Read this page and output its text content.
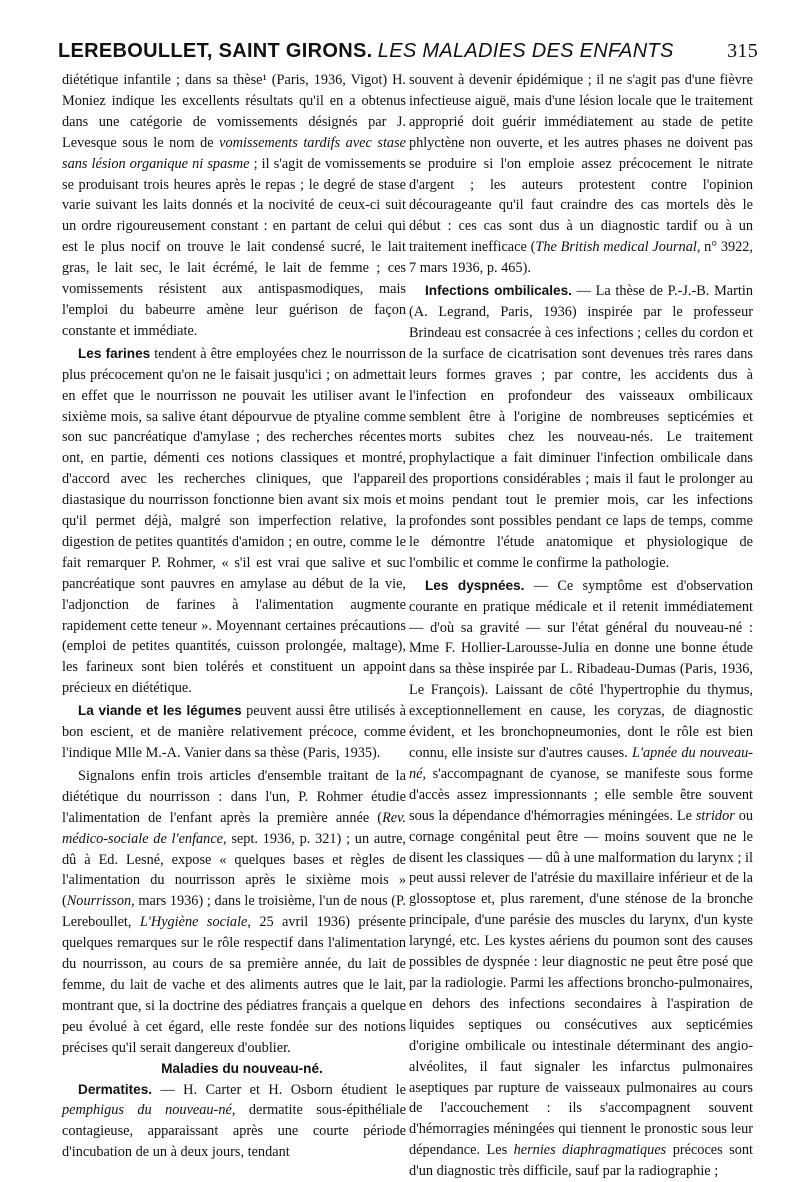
LEREBOULLET, SAINT GIRONS. LES MALADIES DES ENFANTS	315

diététique infantile ; dans sa thèse¹ (Paris, 1936, Vigot) H. Moniez indique les excellents résultats qu'il en a obtenus dans une catégorie de vomissements désignés par J. Levesque sous le nom de vomissements tardifs avec stase sans lésion organique ni spasme ; il s'agit de vomissements se produisant trois heures après le repas ; le degré de stase varie suivant les laits donnés et la nocivité de ceux-ci suit un ordre rigoureusement constant : en partant de celui qui est le plus nocif on trouve le lait condensé sucré, le lait gras, le lait sec, le lait écrémé, le lait de femme ; ces vomissements résistent aux antispasmodiques, mais l'emploi du babeurre amène leur guérison de façon constante et immédiate.

Les farines tendent à être employées chez le nourrisson plus précocement qu'on ne le faisait jusqu'ici ; on admettait en effet que le nourrisson ne pouvait les utiliser avant le sixième mois, sa salive étant dépourvue de ptyaline comme son suc pancréatique d'amylase ; des recherches récentes ont, en partie, démenti ces notions classiques et montré, d'accord avec les recherches cliniques, que l'appareil diastasique du nourrisson fonctionne bien avant six mois et qu'il permet déjà, malgré son imperfection relative, la digestion de petites quantités d'amidon ; en outre, comme le fait remarquer P. Rohmer, « s'il est vrai que salive et suc pancréatique sont pauvres en amylase au début de la vie, l'adjonction de farines à l'alimentation augmente rapidement cette teneur ». Moyennant certaines précautions (emploi de petites quantités, cuisson prolongée, maltage), les farineux sont bien tolérés et constituent un appoint précieux en diététique.

La viande et les légumes peuvent aussi être utilisés à bon escient, et de manière relativement précoce, comme l'indique Mlle M.-A. Vanier dans sa thèse (Paris, 1935).

Signalons enfin trois articles d'ensemble traitant de la diététique du nourrisson : dans l'un, P. Rohmer étudie l'alimentation de l'enfant après la première année (Rev. médico-sociale de l'enfance, sept. 1936, p. 321) ; un autre, dû à Ed. Lesné, expose « quelques bases et règles de l'alimentation du nourrisson après le sixième mois » (Nourrisson, mars 1936) ; dans le troisième, l'un de nous (P. Lereboullet, L'Hygiène sociale, 25 avril 1936) présente quelques remarques sur le rôle respectif dans l'alimentation du nourrisson, au cours de sa première année, du lait de femme, du lait de vache et des aliments autres que le lait, montrant que, si la doctrine des pédiatres français a quelque peu évolué à cet égard, elle reste fondée sur des notions précises qu'il serait dangereux d'oublier.

Maladies du nouveau-né.

Dermatites. — H. Carter et H. Osborn étudient le pemphigus du nouveau-né, dermatite sous-épithéliale contagieuse, apparaissant après une courte période d'incubation de un à deux jours, tendant

souvent à devenir épidémique ; il ne s'agit pas d'une fièvre infectieuse aiguë, mais d'une lésion locale que le traitement approprié doit guérir immédiatement au stade de petite phlyctène non ouverte, et les autres phases ne doivent pas se produire si l'on emploie assez précocement le nitrate d'argent ; les auteurs protestent contre l'opinion décourageante qu'il faut craindre des cas mortels dès le début : ces cas sont dus à un diagnostic tardif ou à un traitement inefficace (The British medical Journal, n° 3922, 7 mars 1936, p. 465).

Infections ombilicales. — La thèse de P.-J.-B. Martin (A. Legrand, Paris, 1936) inspirée par le professeur Brindeau est consacrée à ces infections ; celles du cordon et de la surface de cicatrisation sont devenues très rares dans leurs formes graves ; par contre, les accidents dus à l'infection en profondeur des vaisseaux ombilicaux semblent être à l'origine de nombreuses septicémies et morts subites chez les nouveau-nés. Le traitement prophylactique a fait diminuer l'infection ombilicale dans des proportions considérables ; mais il faut le prolonger au moins pendant tout le premier mois, car les infections profondes sont possibles pendant ce laps de temps, comme le démontre l'étude anatomique et physiologique de l'ombilic et comme le confirme la pathologie.

Les dyspnées. — Ce symptôme est d'observation courante en pratique médicale et il retenit immédiatement — d'où sa gravité — sur l'état général du nouveau-né : Mme F. Hollier-Larousse-Julia en donne une bonne étude dans sa thèse inspirée par L. Ribadeau-Dumas (Paris, 1936, Le François). Laissant de côté l'hypertrophie du thymus, exceptionnellement en cause, les coryzas, de diagnostic évident, et les bronchopneumonies, dont le rôle est bien connu, elle insiste sur d'autres causes. L'apnée du nouveau-né, s'accompagnant de cyanose, se manifeste sous forme d'accès assez impressionnants ; elle semble être souvent sous la dépendance d'hémorragies méningées. Le stridor ou cornage congénital peut être — moins souvent que ne le disent les classiques — dû à une malformation du larynx ; il peut aussi relever de l'atrésie du maxillaire inférieur et de la glossoptose et, plus rarement, d'une sténose de la bronche principale, d'une parésie des muscles du larynx, d'un kyste laryngé, etc. Les kystes aériens du poumon sont des causes possibles de dyspnée : leur diagnostic ne peut être posé que par la radiologie. Parmi les affections broncho-pulmonaires, en dehors des infections secondaires à l'aspiration de liquides septiques ou consécutives aux septicémies d'origine ombilicale ou intestinale déterminant des angio-alvéolites, il faut signaler les infarctus pulmonaires aseptiques par rupture de vaisseaux pulmonaires au cours de l'accouchement : ils s'accompagnent souvent d'hémorragies méningées qui tiennent le pronostic sous leur dépendance. Les hernies diaphragmatiques précoces sont d'un diagnostic très difficile, sauf par la radiographie ;
